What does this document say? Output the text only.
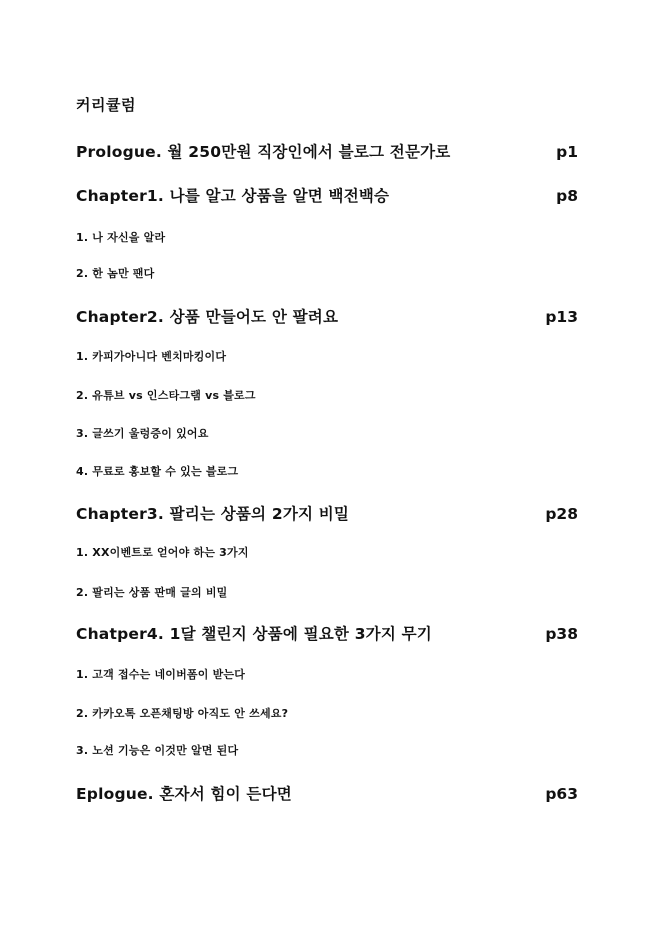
커리큘럼
Prologue. 월 250만원 직장인에서 블로그 전문가로	p1
Chapter1. 나를 알고 상품을 알면 백전백승	p8
1. 나 자신을 알라
2. 한 놈만 팬다
Chapter2. 상품 만들어도 안 팔려요	p13
1. 카피가아니다 벤치마킹이다
2. 유튜브 vs 인스타그램 vs 블로그
3. 글쓰기 울렁증이 있어요
4. 무료로 홍보할 수 있는 블로그
Chapter3. 팔리는 상품의 2가지 비밀	p28
1. XX이벤트로 얻어야 하는 3가지
2. 팔리는 상품 판매 글의 비밀
Chatper4. 1달 챌린지 상품에 필요한 3가지 무기	p38
1. 고객 접수는 네이버폼이 받는다
2. 카카오톡 오픈채팅방 아직도 안 쓰세요?
3. 노션 기능은 이것만 알면 된다
Eplogue. 혼자서 힘이 든다면	p63
